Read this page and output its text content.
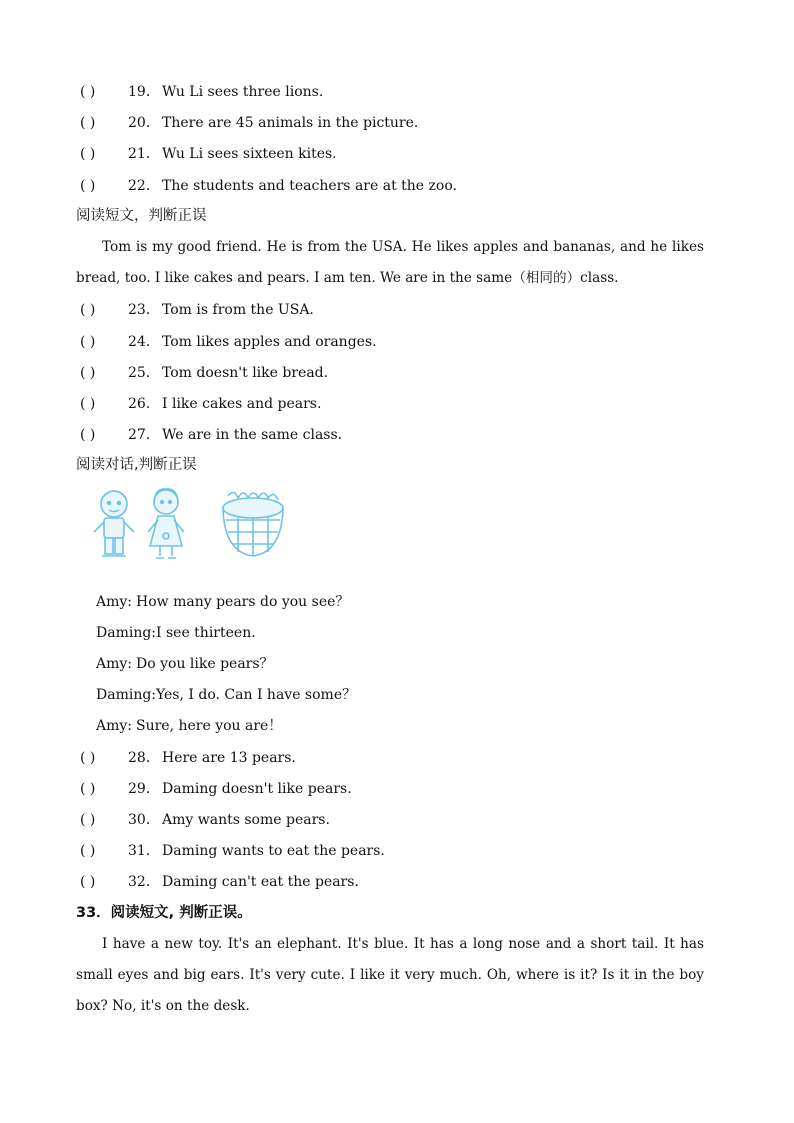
( ) 19． Wu Li sees three lions.
( ) 20． There are 45 animals in the picture.
( ) 21． Wu Li sees sixteen kites.
( ) 22． The students and teachers are at the zoo.
阅读短文，判断正误
Tom is my good friend. He is from the USA. He likes apples and bananas, and he likes bread, too. I like cakes and pears. I am ten. We are in the same（相同的）class.
( ) 23． Tom is from the USA.
( ) 24． Tom likes apples and oranges.
( ) 25． Tom doesn't like bread.
( ) 26． I like cakes and pears.
( ) 27． We are in the same class.
阅读对话,判断正误
Amy: How many pears do you see？
Daming:I see thirteen.
Amy: Do you like pears？
Daming:Yes, I do. Can I have some？
Amy: Sure, here you are！
( ) 28． Here are 13 pears.
( ) 29． Daming doesn't like pears.
( ) 30． Amy wants some pears.
( ) 31． Daming wants to eat the pears.
( ) 32． Daming can't eat the pears.
33．阅读短文, 判断正误。
I have a new toy. It's an elephant. It's blue. It has a long nose and a short tail. It has small eyes and big ears. It's very cute. I like it very much. Oh, where is it? Is it in the boy box? No, it's on the desk.
